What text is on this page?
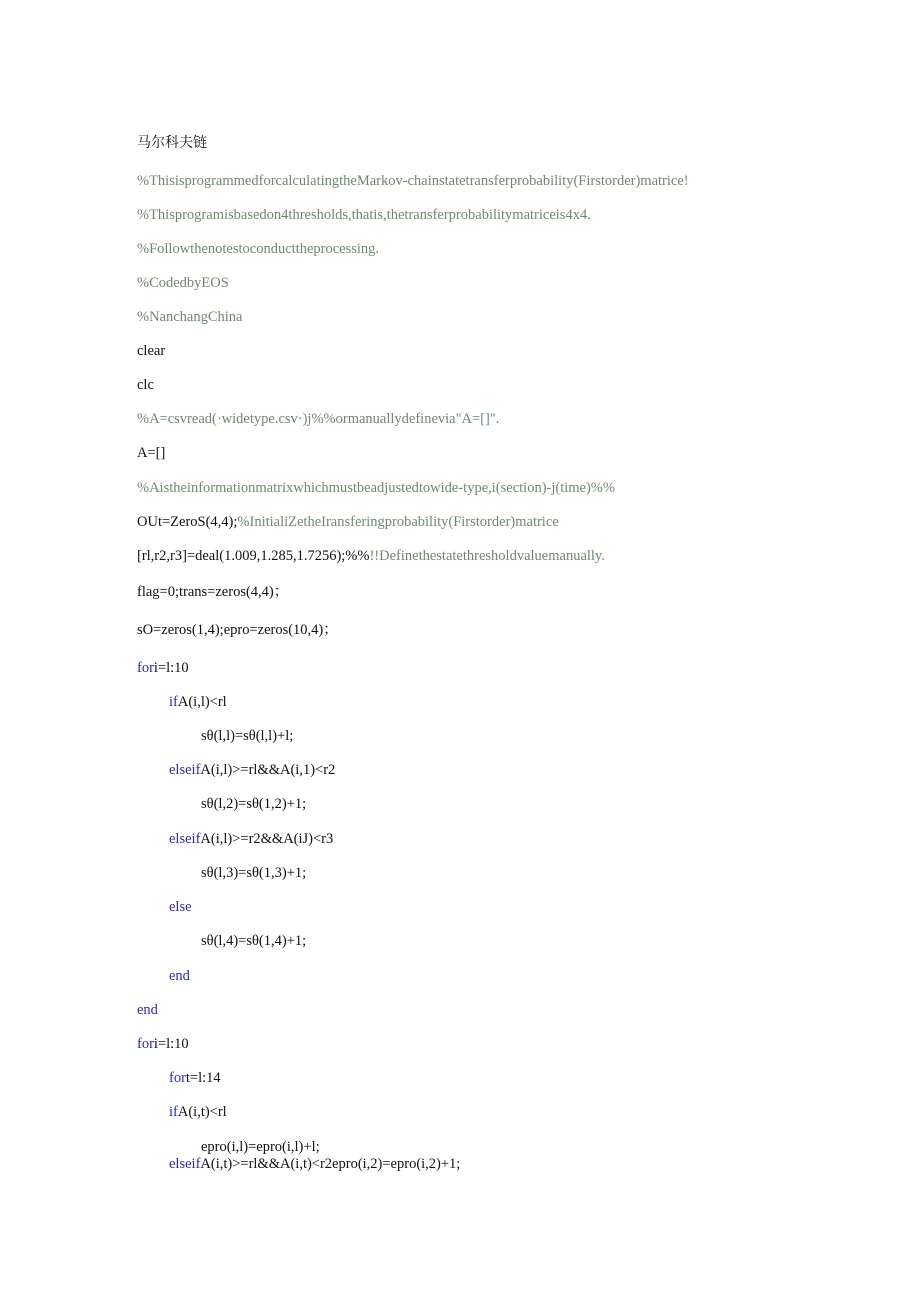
马尔科夫链
%ThisisprogrammedforcalculatingtheMarkov-chainstatetransferprobability(Firstorder)matrice!
%Thisprogramisbasedon4thresholds,thatis,thetransferprobabilitymatriceis4x4.
%Followthenotestoconducttheprocessing.
%CodedbyEOS
%NanchangChina
clear
clc
%A=csvread(·widetype.csv·)j%%ormanuallydefinevia"A=[]".
A=[]
%Aistheinformationmatrixwhichmustbeadjustedtowide-type,i(section)-j(time)%%
OUt=ZeroS(4,4);%InitialiZetheIransferingprobability(Firstorder)matrice
[rl,r2,r3]=deal(1.009,1.285,1.7256);%%!!Definethestatethresholdvaluemanually.
flag=0;trans=zeros(4,4)；
sO=zeros(1,4);epro=zeros(10,4)；
fori=l:10
ifA(i,l)<rl
sθ(l,l)=sθ(l,l)+l;
elseifA(i,l)>=rl&&A(i,1)<r2
sθ(l,2)=sθ(1,2)+1;
elseifA(i,l)>=r2&&A(iJ)<r3
sθ(l,3)=sθ(1,3)+1;
else
sθ(l,4)=sθ(1,4)+1;
end
end
fori=l:10
fort=l:14
ifA(i,t)<rl
epro(i,l)=epro(i,l)+l;
elseifA(i,t)>=rl&&A(i,t)<r2epro(i,2)=epro(i,2)+1;
